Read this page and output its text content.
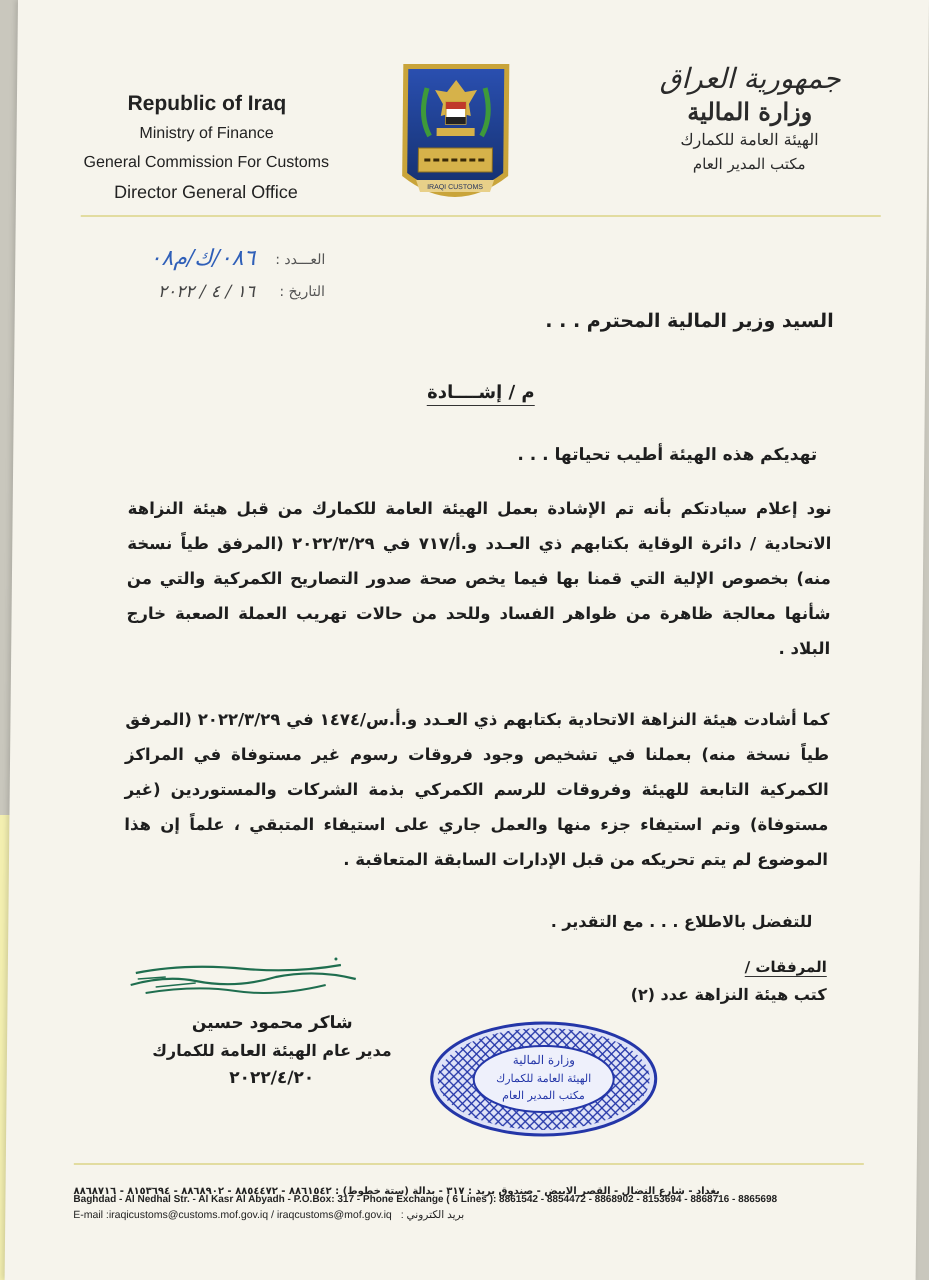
Republic of Iraq
Ministry of Finance
General Commission For Customs
Director General Office	IRAQI CUSTOMS
جمهورية العراق
وزارة المالية
الهيئة العامة للكمارك
مكتب المدير العام
العـــدد :
٠٨٦/ك/م٠٨
التاريخ :
١٦ / ٤ / ٢٠٢٢
السيد وزير المالية المحترم . . .
م / إشــــادة
تهديكم هذه الهيئة أطيب تحياتها . . .
نود إعلام سيادتكم بأنه تم الإشادة بعمل الهيئة العامة للكمارك من قبل هيئة النزاهة الاتحادية / دائرة الوقاية بكتابهم ذي العـدد و.أ/٧١٧ في ٢٠٢٢/٣/٢٩ (المرفق طياً نسخة منه) بخصوص الإلية التي قمنا بها فيما يخص صحة صدور التصاريح الكمركية والتي من شأنها معالجة ظاهرة من ظواهر الفساد وللحد من حالات تهريب العملة الصعبة خارج البلاد .
كما أشادت هيئة النزاهة الاتحادية بكتابهم ذي العـدد و.أ.س/١٤٧٤ في ٢٠٢٢/٣/٢٩ (المرفق طياً نسخة منه) بعملنا في تشخيص وجود فروقات رسوم غير مستوفاة في المراكز الكمركية التابعة للهيئة وفروقات للرسم الكمركي بذمة الشركات والمستوردين (غير مستوفاة) وتم استيفاء جزء منها والعمل جاري على استيفاء المتبقي ، علماً إن هذا الموضوع لم يتم تحريكه من قبل الإدارات السابقة المتعاقبة .
للتفضل بالاطلاع . . . مع التقدير .
المرفقات /
كتب هيئة النزاهة عدد (٢)
شاكر محمود حسين
مدير عام الهيئة العامة للكمارك
٢٠٢٢/٤/٢٠
وزارة المالية
الهيئة العامة للكمارك
مكتب المدير العام
بغداد - شارع النضال - القصر الابيض - صندوق بريد : ٣١٧ - بدالة (ستة خطوط) : ٨٨٦١٥٤٢ - ٨٨٥٤٤٧٢ - ٨٨٦٨٩٠٢ - ٨١٥٣٦٩٤ - ٨٨٦٨٧١٦
Baghdad - Al Nedhal Str. - Al Kasr Al Abyadh - P.O.Box: 317 - Phone Exchange ( 6 Lines ): 8861542 - 8854472 - 8868902 - 8153694 - 8868716 - 8865698
E-mail :iraqicustoms@customs.mof.gov.iq / iraqcustoms@mof.gov.iq بريد الكتروني :
